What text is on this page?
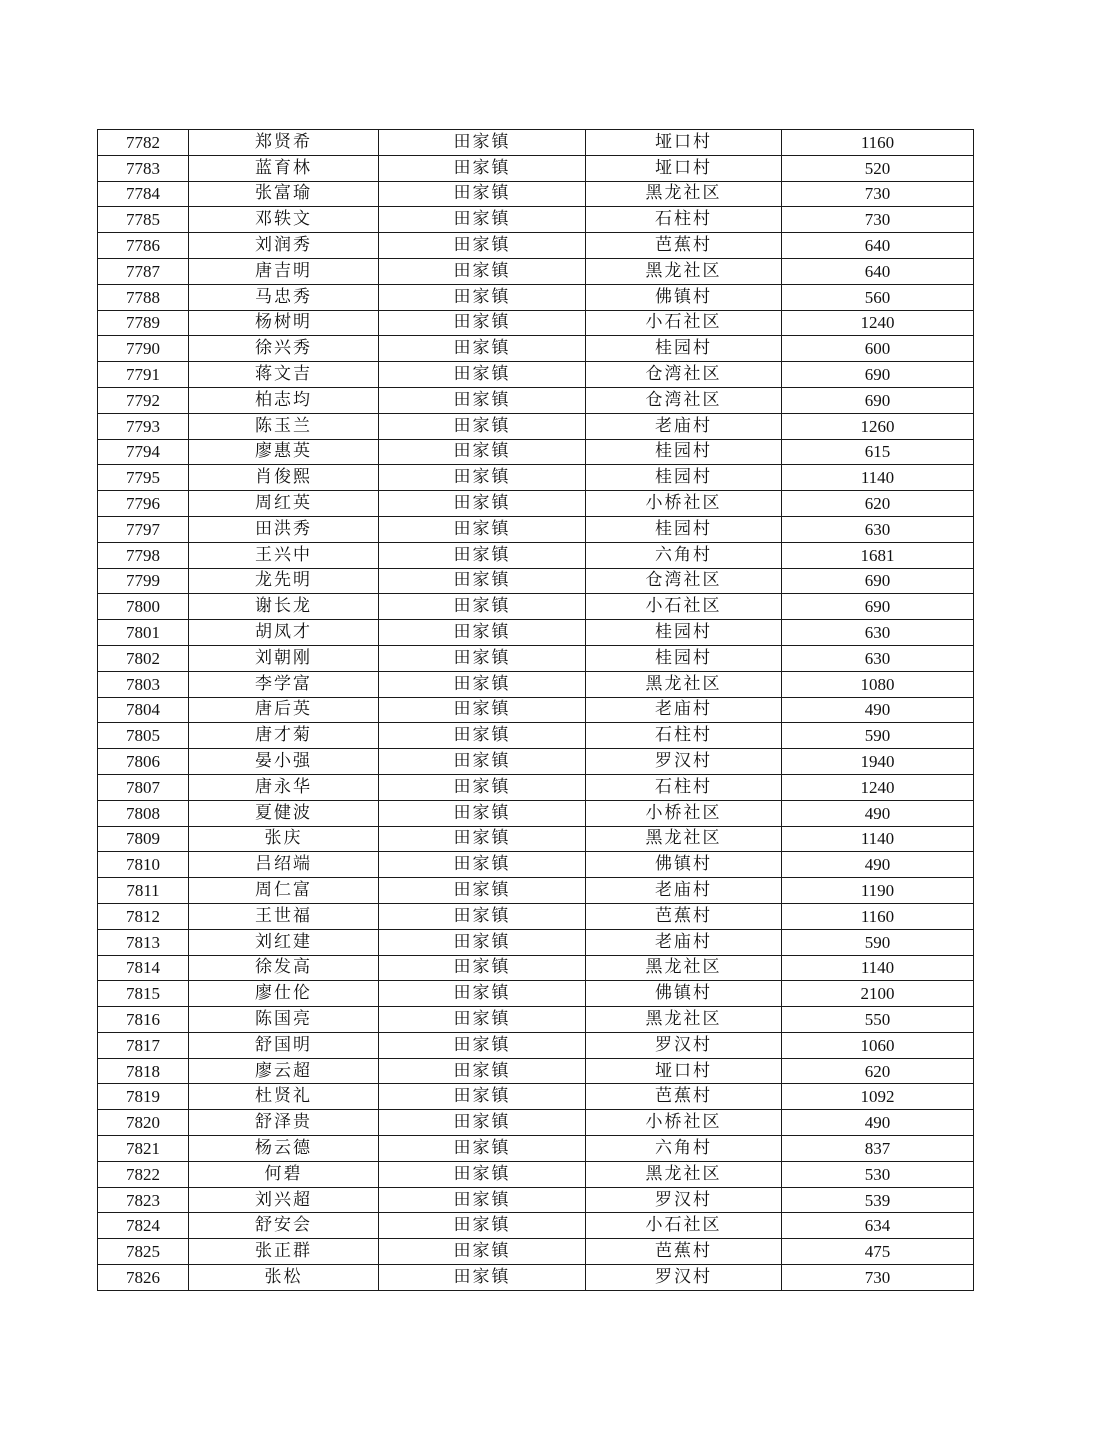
7782	郑贤希	田家镇	垭口村	1160
7783	蓝育林	田家镇	垭口村	520
7784	张富瑜	田家镇	黑龙社区	730
7785	邓轶文	田家镇	石柱村	730
7786	刘润秀	田家镇	芭蕉村	640
7787	唐吉明	田家镇	黑龙社区	640
7788	马忠秀	田家镇	佛镇村	560
7789	杨树明	田家镇	小石社区	1240
7790	徐兴秀	田家镇	桂园村	600
7791	蒋文吉	田家镇	仓湾社区	690
7792	柏志均	田家镇	仓湾社区	690
7793	陈玉兰	田家镇	老庙村	1260
7794	廖惠英	田家镇	桂园村	615
7795	肖俊熙	田家镇	桂园村	1140
7796	周红英	田家镇	小桥社区	620
7797	田洪秀	田家镇	桂园村	630
7798	王兴中	田家镇	六角村	1681
7799	龙先明	田家镇	仓湾社区	690
7800	谢长龙	田家镇	小石社区	690
7801	胡凤才	田家镇	桂园村	630
7802	刘朝刚	田家镇	桂园村	630
7803	李学富	田家镇	黑龙社区	1080
7804	唐后英	田家镇	老庙村	490
7805	唐才菊	田家镇	石柱村	590
7806	晏小强	田家镇	罗汉村	1940
7807	唐永华	田家镇	石柱村	1240
7808	夏健波	田家镇	小桥社区	490
7809	张庆	田家镇	黑龙社区	1140
7810	吕绍端	田家镇	佛镇村	490
7811	周仁富	田家镇	老庙村	1190
7812	王世福	田家镇	芭蕉村	1160
7813	刘红建	田家镇	老庙村	590
7814	徐发高	田家镇	黑龙社区	1140
7815	廖仕伦	田家镇	佛镇村	2100
7816	陈国亮	田家镇	黑龙社区	550
7817	舒国明	田家镇	罗汉村	1060
7818	廖云超	田家镇	垭口村	620
7819	杜贤礼	田家镇	芭蕉村	1092
7820	舒泽贵	田家镇	小桥社区	490
7821	杨云德	田家镇	六角村	837
7822	何碧	田家镇	黑龙社区	530
7823	刘兴超	田家镇	罗汉村	539
7824	舒安会	田家镇	小石社区	634
7825	张正群	田家镇	芭蕉村	475
7826	张松	田家镇	罗汉村	730
